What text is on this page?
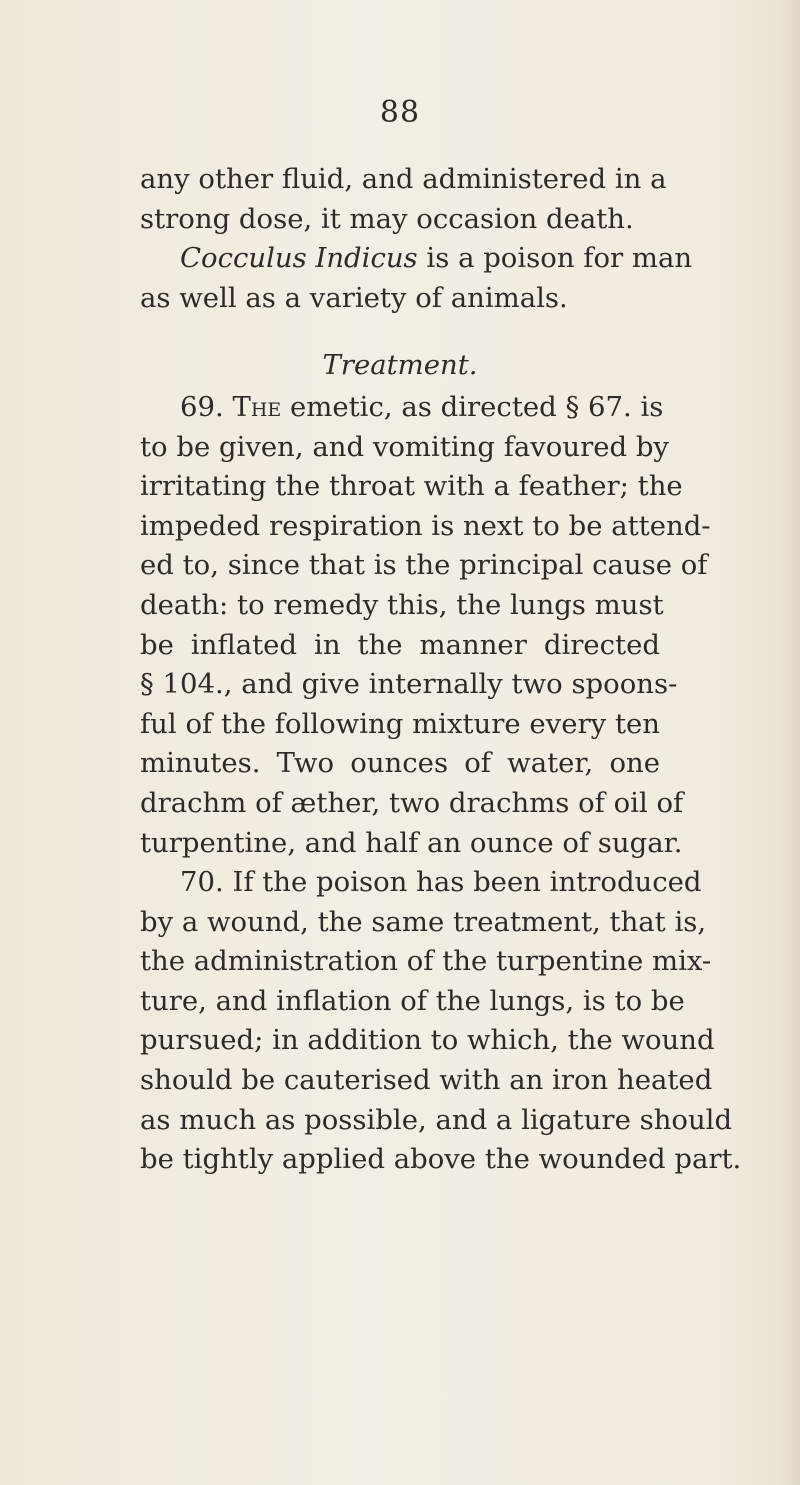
88
any other fluid, and administered in a
strong dose, it may occasion death.
Cocculus Indicus is a poison for man
as well as a variety of animals.
Treatment.
69. The emetic, as directed § 67. is
to be given, and vomiting favoured by
irritating the throat with a feather; the
impeded respiration is next to be attend-
ed to, since that is the principal cause of
death: to remedy this, the lungs must
be inflated in the manner directed
§ 104., and give internally two spoons-
ful of the following mixture every ten
minutes. Two ounces of water, one
drachm of æther, two drachms of oil of
turpentine, and half an ounce of sugar.
70. If the poison has been introduced
by a wound, the same treatment, that is,
the administration of the turpentine mix-
ture, and inflation of the lungs, is to be
pursued; in addition to which, the wound
should be cauterised with an iron heated
as much as possible, and a ligature should
be tightly applied above the wounded part.
